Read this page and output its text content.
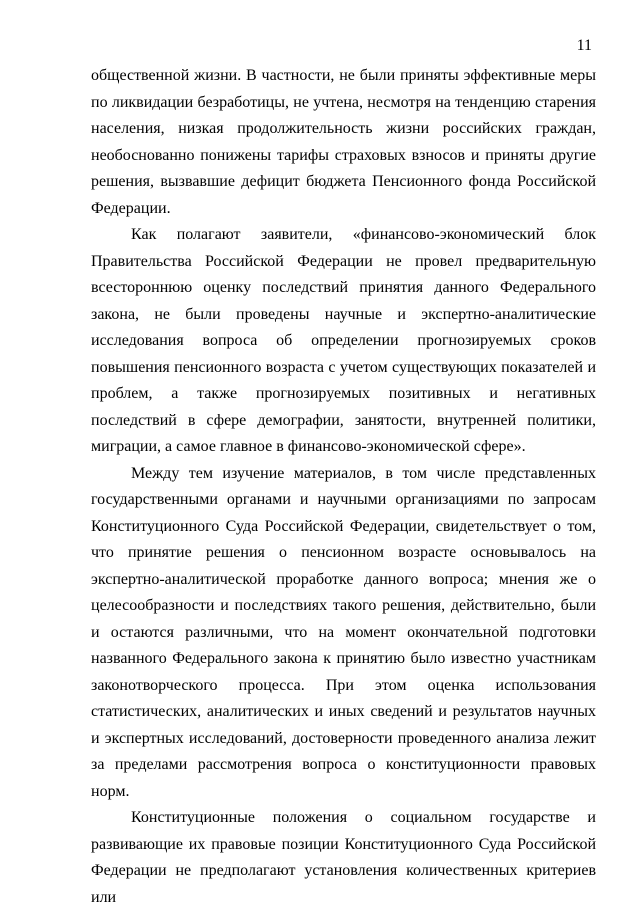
11

общественной жизни. В частности, не были приняты эффективные меры по ликвидации безработицы, не учтена, несмотря на тенденцию старения населения, низкая продолжительность жизни российских граждан, необоснованно понижены тарифы страховых взносов и приняты другие решения, вызвавшие дефицит бюджета Пенсионного фонда Российской Федерации.

Как полагают заявители, «финансово-экономический блок Правительства Российской Федерации не провел предварительную всестороннюю оценку последствий принятия данного Федерального закона, не были проведены научные и экспертно-аналитические исследования вопроса об определении прогнозируемых сроков повышения пенсионного возраста с учетом существующих показателей и проблем, а также прогнозируемых позитивных и негативных последствий в сфере демографии, занятости, внутренней политики, миграции, а самое главное в финансово-экономической сфере».

Между тем изучение материалов, в том числе представленных государственными органами и научными организациями по запросам Конституционного Суда Российской Федерации, свидетельствует о том, что принятие решения о пенсионном возрасте основывалось на экспертно-аналитической проработке данного вопроса; мнения же о целесообразности и последствиях такого решения, действительно, были и остаются различными, что на момент окончательной подготовки названного Федерального закона к принятию было известно участникам законотворческого процесса. При этом оценка использования статистических, аналитических и иных сведений и результатов научных и экспертных исследований, достоверности проведенного анализа лежит за пределами рассмотрения вопроса о конституционности правовых норм.

Конституционные положения о социальном государстве и развивающие их правовые позиции Конституционного Суда Российской Федерации не предполагают установления количественных критериев или
